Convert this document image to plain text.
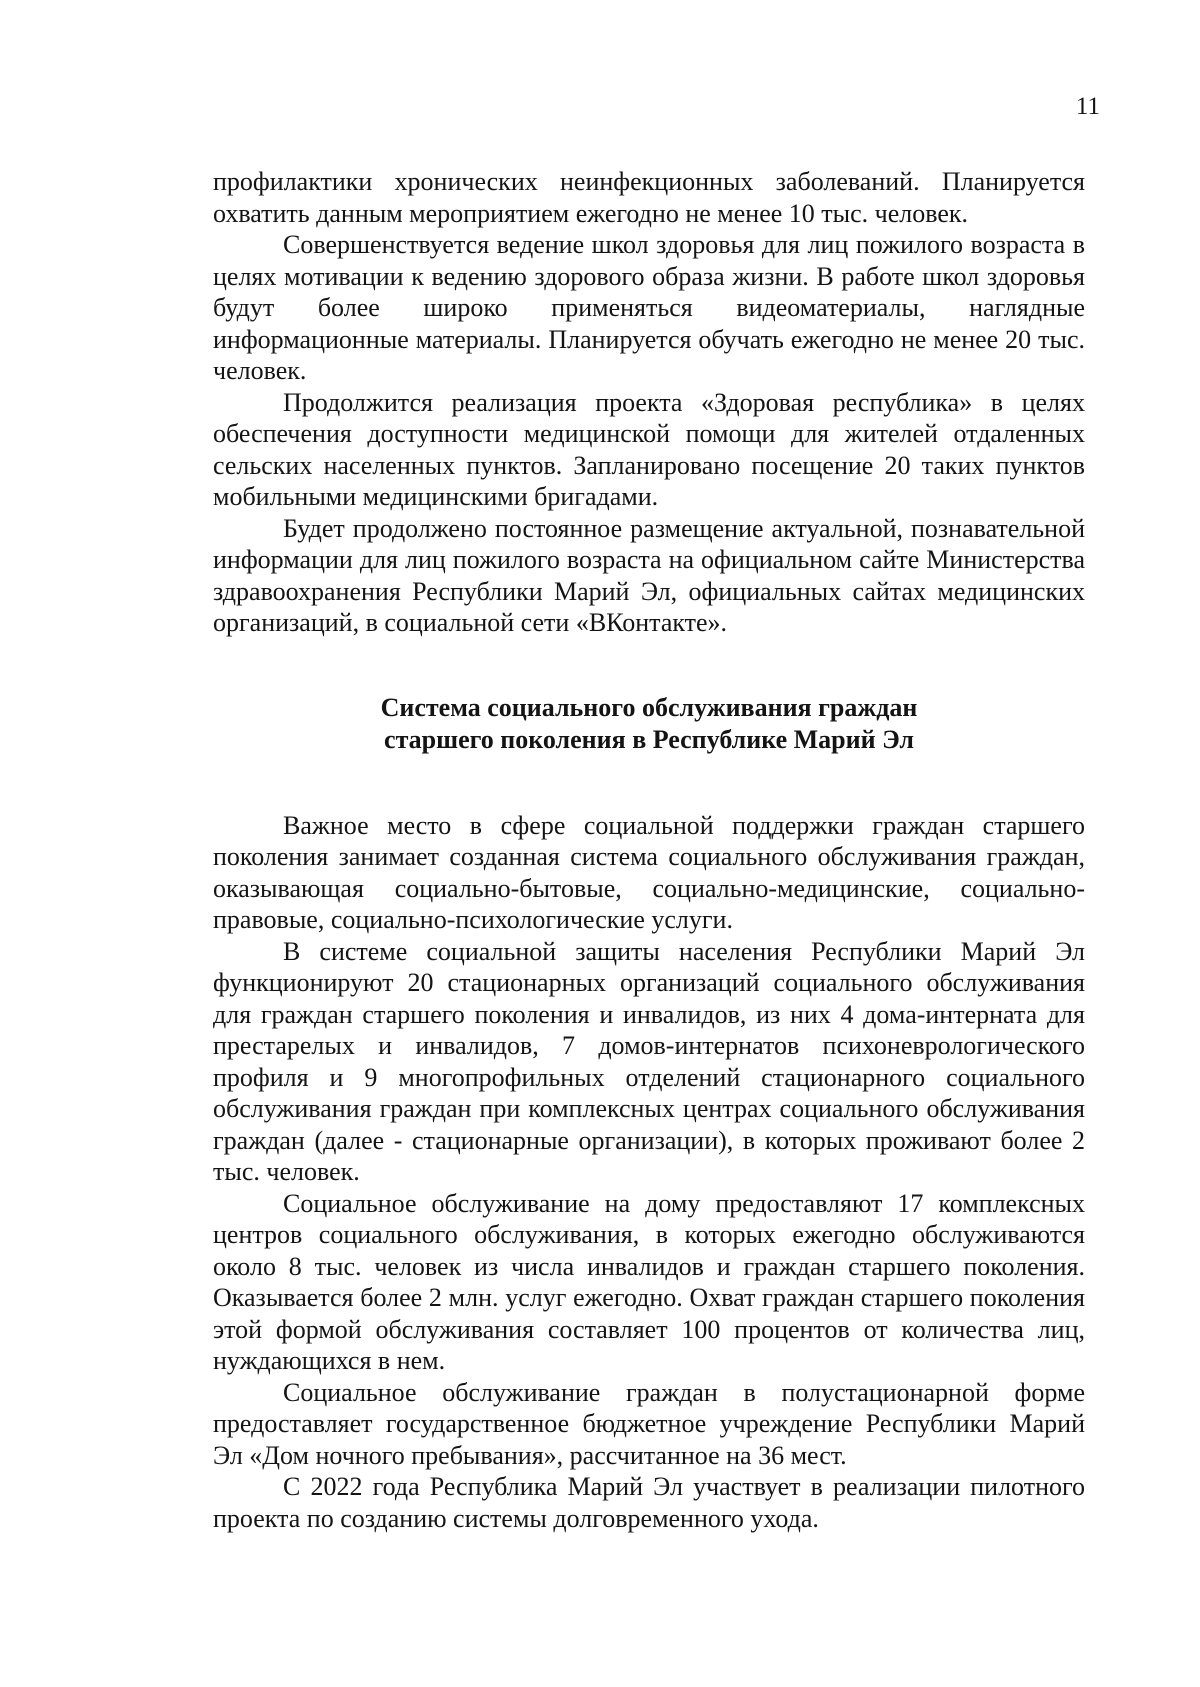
11

профилактики хронических неинфекционных заболеваний. Планируется охватить данным мероприятием ежегодно не менее 10 тыс. человек.

Совершенствуется ведение школ здоровья для лиц пожилого возраста в целях мотивации к ведению здорового образа жизни. В работе школ здоровья будут более широко применяться видеоматериалы, наглядные информационные материалы. Планируется обучать ежегодно не менее 20 тыс. человек.

Продолжится реализация проекта «Здоровая республика» в целях обеспечения доступности медицинской помощи для жителей отдаленных сельских населенных пунктов. Запланировано посещение 20 таких пунктов мобильными медицинскими бригадами.

Будет продолжено постоянное размещение актуальной, познавательной информации для лиц пожилого возраста на официальном сайте Министерства здравоохранения Республики Марий Эл, официальных сайтах медицинских организаций, в социальной сети «ВКонтакте».

Система социального обслуживания граждан
старшего поколения в Республике Марий Эл

Важное место в сфере социальной поддержки граждан старшего поколения занимает созданная система социального обслуживания граждан, оказывающая социально-бытовые, социально-медицинские, социально-правовые, социально-психологические услуги.

В системе социальной защиты населения Республики Марий Эл функционируют 20 стационарных организаций социального обслуживания для граждан старшего поколения и инвалидов, из них 4 дома-интерната для престарелых и инвалидов, 7 домов-интернатов психоневрологического профиля и 9 многопрофильных отделений стационарного социального обслуживания граждан при комплексных центрах социального обслуживания граждан (далее - стационарные организации), в которых проживают более 2 тыс. человек.

Социальное обслуживание на дому предоставляют 17 комплексных центров социального обслуживания, в которых ежегодно обслуживаются около 8 тыс. человек из числа инвалидов и граждан старшего поколения. Оказывается более 2 млн. услуг ежегодно. Охват граждан старшего поколения этой формой обслуживания составляет 100 процентов от количества лиц, нуждающихся в нем.

Социальное обслуживание граждан в полустационарной форме предоставляет государственное бюджетное учреждение Республики Марий Эл «Дом ночного пребывания», рассчитанное на 36 мест.

С 2022 года Республика Марий Эл участвует в реализации пилотного проекта по созданию системы долговременного ухода.
